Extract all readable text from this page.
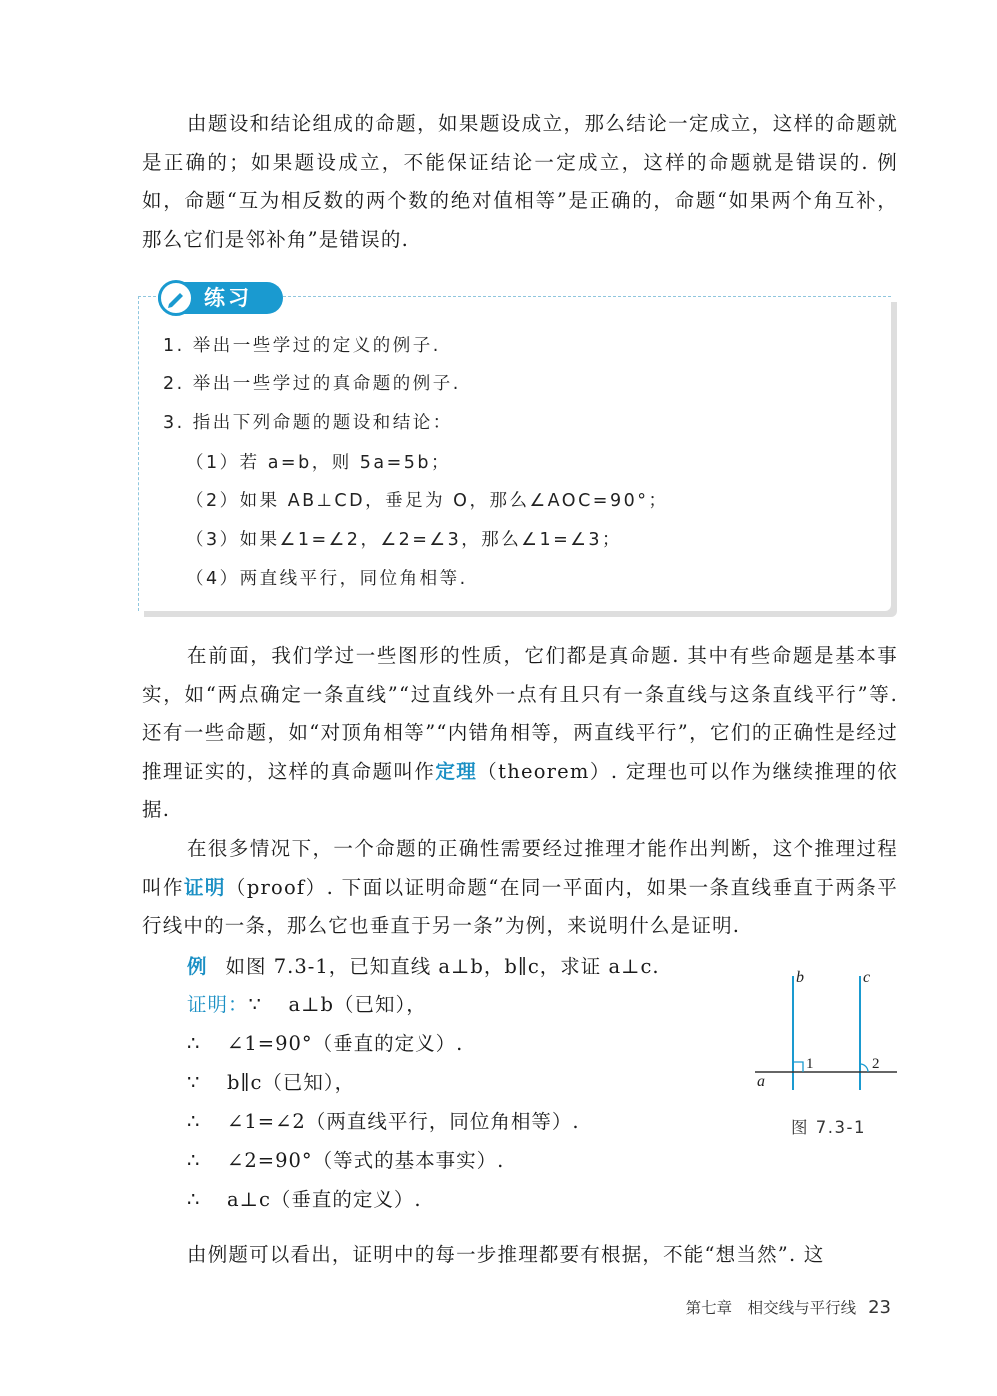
由题设和结论组成的命题，如果题设成立，那么结论一定成立，这样的命题就是正确的；如果题设成立，不能保证结论一定成立，这样的命题就是错误的. 例如，命题“互为相反数的两个数的绝对值相等”是正确的，命题“如果两个角互补，那么它们是邻补角”是错误的.

练习
1. 举出一些学过的定义的例子.
2. 举出一些学过的真命题的例子.
3. 指出下列命题的题设和结论：
（1）若 a=b，则 5a=5b；
（2）如果 AB⊥CD，垂足为 O，那么∠AOC=90°；
（3）如果∠1=∠2，∠2=∠3，那么∠1=∠3；
（4）两直线平行，同位角相等.

在前面，我们学过一些图形的性质，它们都是真命题. 其中有些命题是基本事实，如“两点确定一条直线”“过直线外一点有且只有一条直线与这条直线平行”等. 还有一些命题，如“对顶角相等”“内错角相等，两直线平行”，它们的正确性是经过推理证实的，这样的真命题叫作定理（theorem）. 定理也可以作为继续推理的依据.

在很多情况下，一个命题的正确性需要经过推理才能作出判断，这个推理过程叫作证明（proof）. 下面以证明命题“在同一平面内，如果一条直线垂直于两条平行线中的一条，那么它也垂直于另一条”为例，来说明什么是证明.

例 如图 7.3-1，已知直线 a⊥b，b∥c，求证 a⊥c.
证明：∵ a⊥b（已知），
∴ ∠1=90°（垂直的定义）.
∵ b∥c（已知），
∴ ∠1=∠2（两直线平行，同位角相等）.
∴ ∠2=90°（等式的基本事实）.
∴ a⊥c（垂直的定义）.
b	c
a
1	2
图 7.3-1

由例题可以看出，证明中的每一步推理都要有根据，不能“想当然”. 这

第七章　相交线与平行线 23
